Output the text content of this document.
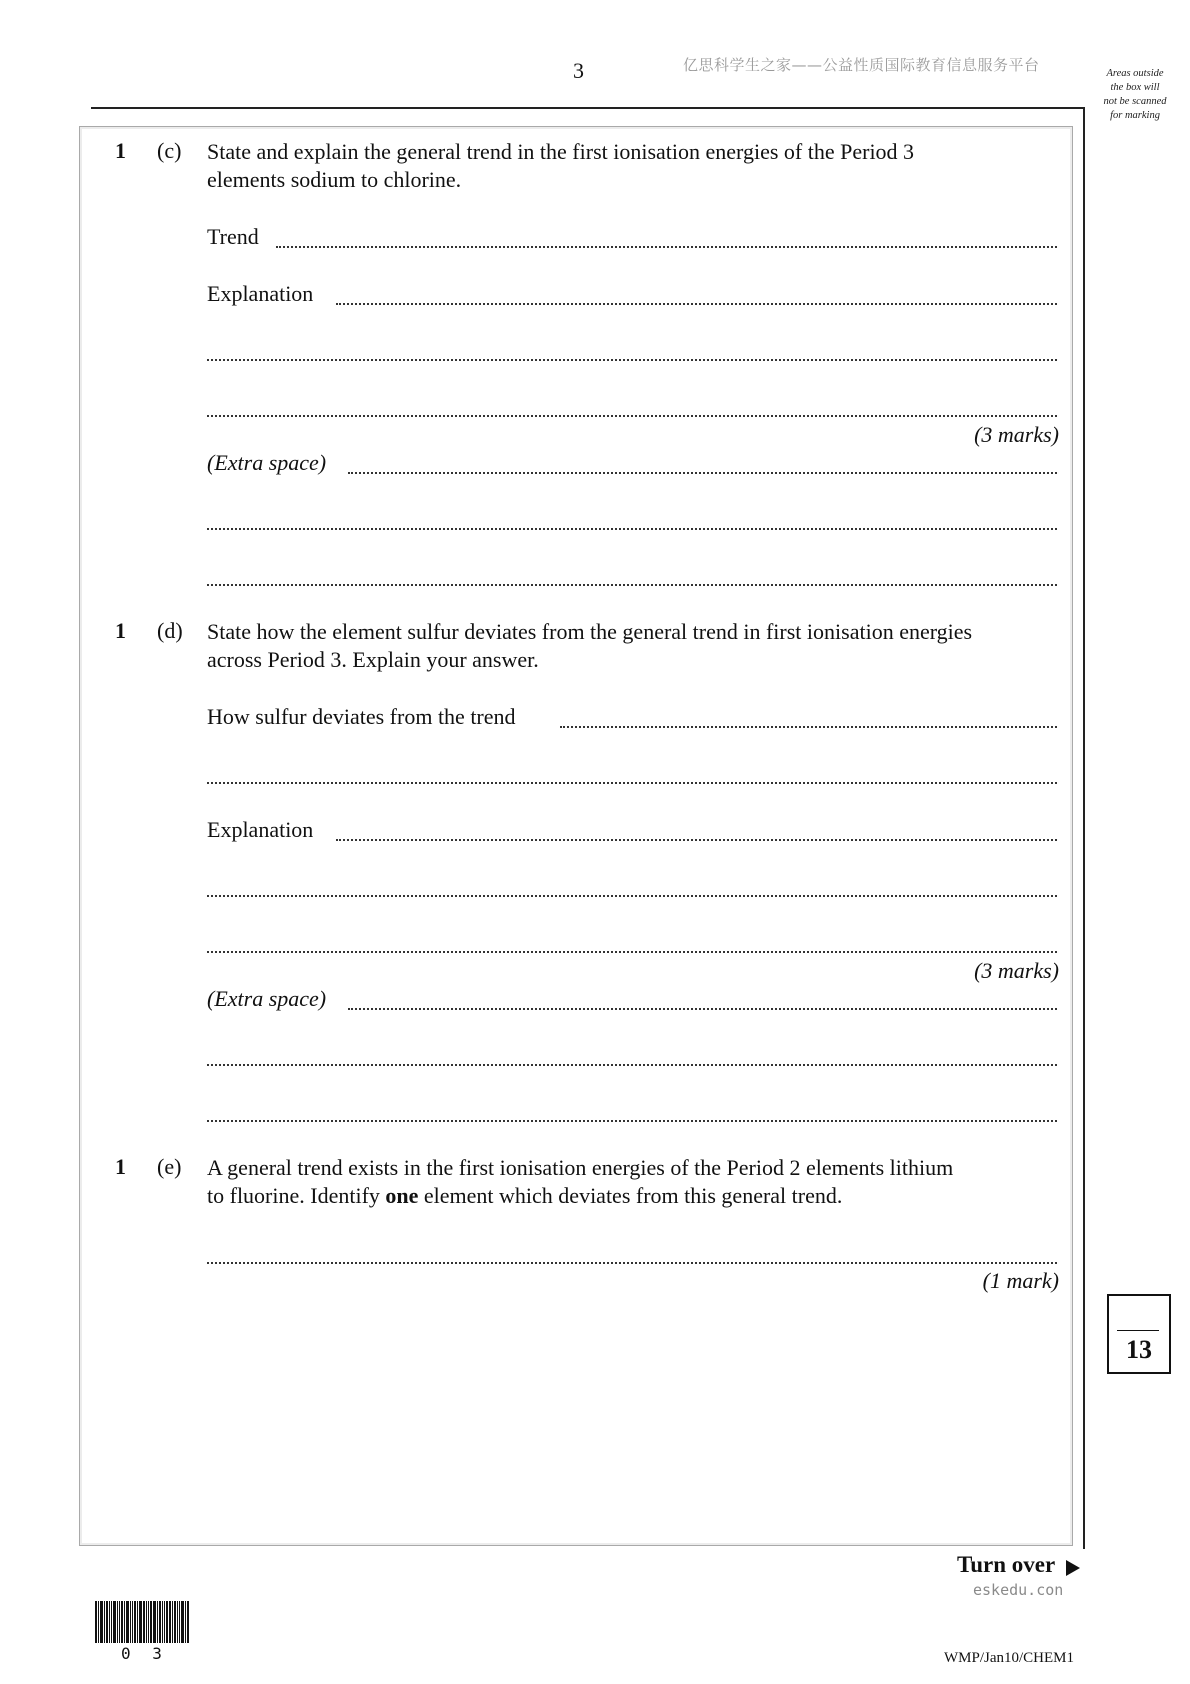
3	亿思科学生之家——公益性质国际教育信息服务平台	Areas outside
the box will
not be scanned
for marking
1 (c) State and explain the general trend in the first ionisation energies of the Period 3
elements sodium to chlorine.
Trend
Explanation
(3 marks)
(Extra space)
1 (d) State how the element sulfur deviates from the general trend in first ionisation energies
across Period 3. Explain your answer.
How sulfur deviates from the trend
Explanation
(3 marks)
(Extra space)
1 (e) A general trend exists in the first ionisation energies of the Period 2 elements lithium
to fluorine. Identify one element which deviates from this general trend.
(1 mark)
13
Turn over
eskedu.con
0 3	WMP/Jan10/CHEM1
